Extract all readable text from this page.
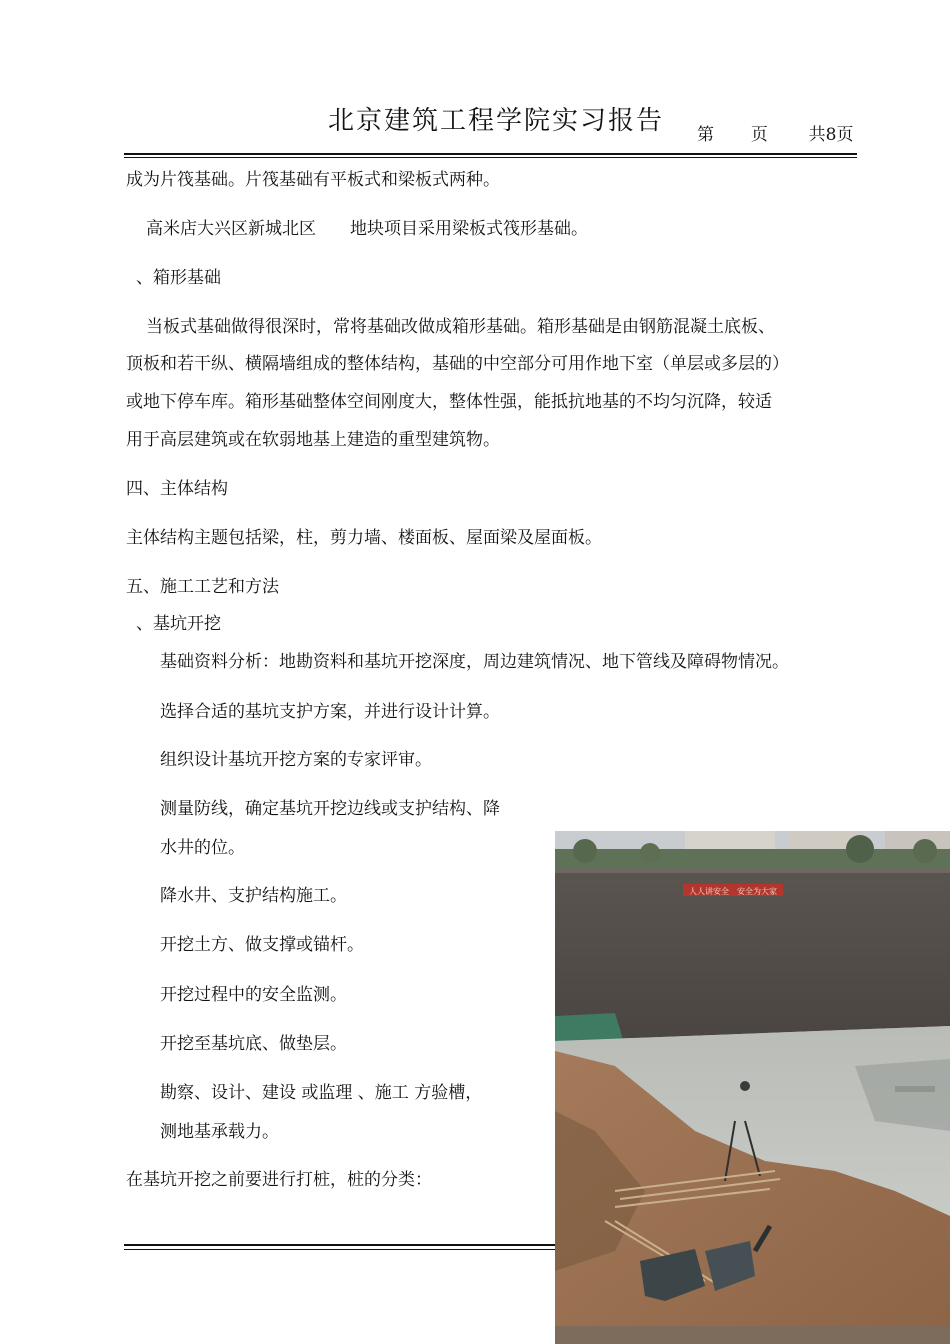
北京建筑工程学院实习报告 第 页 共8页
成为片筏基础。片筏基础有平板式和梁板式两种。
高米店大兴区新城北区　　地块项目采用梁板式筏形基础。
、箱形基础
当板式基础做得很深时，常将基础改做成箱形基础。箱形基础是由钢筋混凝土底板、
顶板和若干纵、横隔墙组成的整体结构，基础的中空部分可用作地下室（单层或多层的）
或地下停车库。箱形基础整体空间刚度大，整体性强，能抵抗地基的不均匀沉降，较适
用于高层建筑或在软弱地基上建造的重型建筑物。
四、主体结构
主体结构主题包括梁，柱，剪力墙、楼面板、屋面梁及屋面板。
五、施工工艺和方法
、基坑开挖
基础资料分析：地勘资料和基坑开挖深度，周边建筑情况、地下管线及障碍物情况。
选择合适的基坑支护方案，并进行设计计算。
组织设计基坑开挖方案的专家评审。
测量防线，确定基坑开挖边线或支护结构、降
水井的位。
降水井、支护结构施工。
开挖土方、做支撑或锚杆。
开挖过程中的安全监测。
开挖至基坑底、做垫层。
勘察、设计、建设 或监理 、施工 方验槽，
测地基承载力。
在基坑开挖之前要进行打桩，桩的分类：
人人讲安全　安全为大家
